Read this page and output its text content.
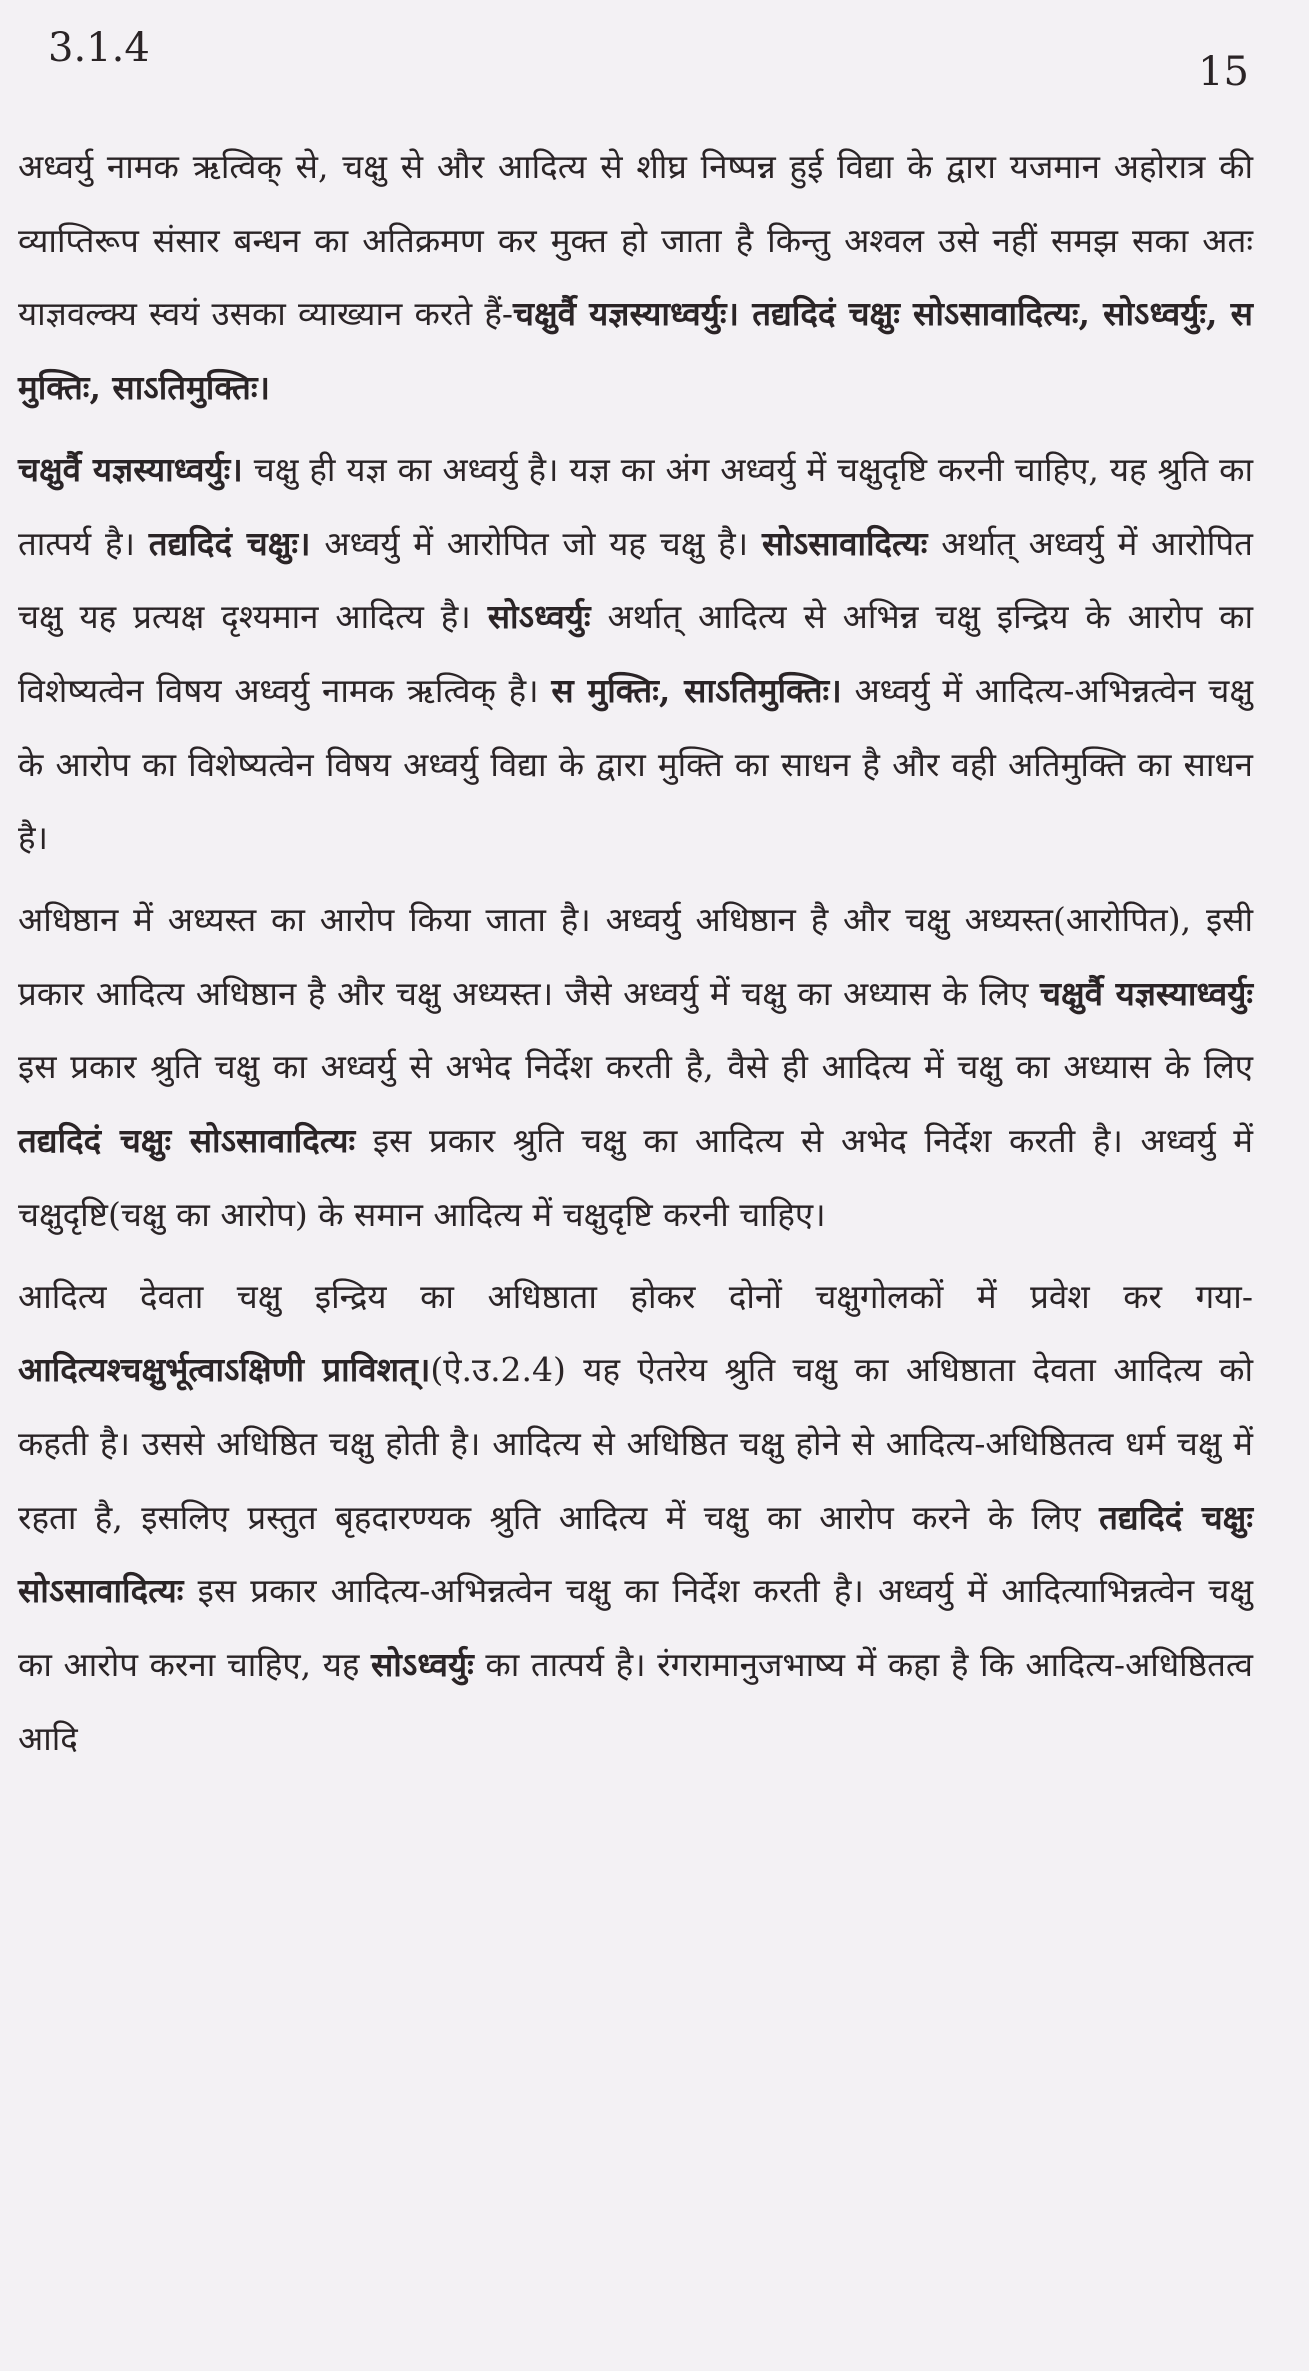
3.1.4
15

अध्वर्यु नामक ऋत्विक् से, चक्षु से और आदित्य से शीघ्र निष्पन्न हुई विद्या के द्वारा यजमान अहोरात्र की व्याप्तिरूप संसार बन्धन का अतिक्रमण कर मुक्त हो जाता है किन्तु अश्वल उसे नहीं समझ सका अतः याज्ञवल्क्य स्वयं उसका व्याख्यान करते हैं-चक्षुर्वै यज्ञस्याध्वर्युः। तद्यदिदं चक्षुः सोऽसावादित्यः, सोऽध्वर्युः, स मुक्तिः, साऽतिमुक्तिः।

चक्षुर्वै यज्ञस्याध्वर्युः। चक्षु ही यज्ञ का अध्वर्यु है। यज्ञ का अंग अध्वर्यु में चक्षुदृष्टि करनी चाहिए, यह श्रुति का तात्पर्य है। तद्यदिदं चक्षुः। अध्वर्यु में आरोपित जो यह चक्षु है। सोऽसावादित्यः अर्थात् अध्वर्यु में आरोपित चक्षु यह प्रत्यक्ष दृश्यमान आदित्य है। सोऽध्वर्युः अर्थात् आदित्य से अभिन्न चक्षु इन्द्रिय के आरोप का विशेष्यत्वेन विषय अध्वर्यु नामक ऋत्विक् है। स मुक्तिः, साऽतिमुक्तिः। अध्वर्यु में आदित्य-अभिन्नत्वेन चक्षु के आरोप का विशेष्यत्वेन विषय अध्वर्यु विद्या के द्वारा मुक्ति का साधन है और वही अतिमुक्ति का साधन है।

अधिष्ठान में अध्यस्त का आरोप किया जाता है। अध्वर्यु अधिष्ठान है और चक्षु अध्यस्त(आरोपित), इसी प्रकार आदित्य अधिष्ठान है और चक्षु अध्यस्त। जैसे अध्वर्यु में चक्षु का अध्यास के लिए चक्षुर्वै यज्ञस्याध्वर्युः इस प्रकार श्रुति चक्षु का अध्वर्यु से अभेद निर्देश करती है, वैसे ही आदित्य में चक्षु का अध्यास के लिए तद्यदिदं चक्षुः सोऽसावादित्यः इस प्रकार श्रुति चक्षु का आदित्य से अभेद निर्देश करती है। अध्वर्यु में चक्षुदृष्टि(चक्षु का आरोप) के समान आदित्य में चक्षुदृष्टि करनी चाहिए।

आदित्य देवता चक्षु इन्द्रिय का अधिष्ठाता होकर दोनों चक्षुगोलकों में प्रवेश कर गया-आदित्यश्चक्षुर्भूत्वाऽक्षिणी प्राविशत्।(ऐ.उ.2.4) यह ऐतरेय श्रुति चक्षु का अधिष्ठाता देवता आदित्य को कहती है। उससे अधिष्ठित चक्षु होती है। आदित्य से अधिष्ठित चक्षु होने से आदित्य-अधिष्ठितत्व धर्म चक्षु में रहता है, इसलिए प्रस्तुत बृहदारण्यक श्रुति आदित्य में चक्षु का आरोप करने के लिए तद्यदिदं चक्षुः सोऽसावादित्यः इस प्रकार आदित्य-अभिन्नत्वेन चक्षु का निर्देश करती है। अध्वर्यु में आदित्याभिन्नत्वेन चक्षु का आरोप करना चाहिए, यह सोऽध्वर्युः का तात्पर्य है। रंगरामानुजभाष्य में कहा है कि आदित्य-अधिष्ठितत्व आदि
